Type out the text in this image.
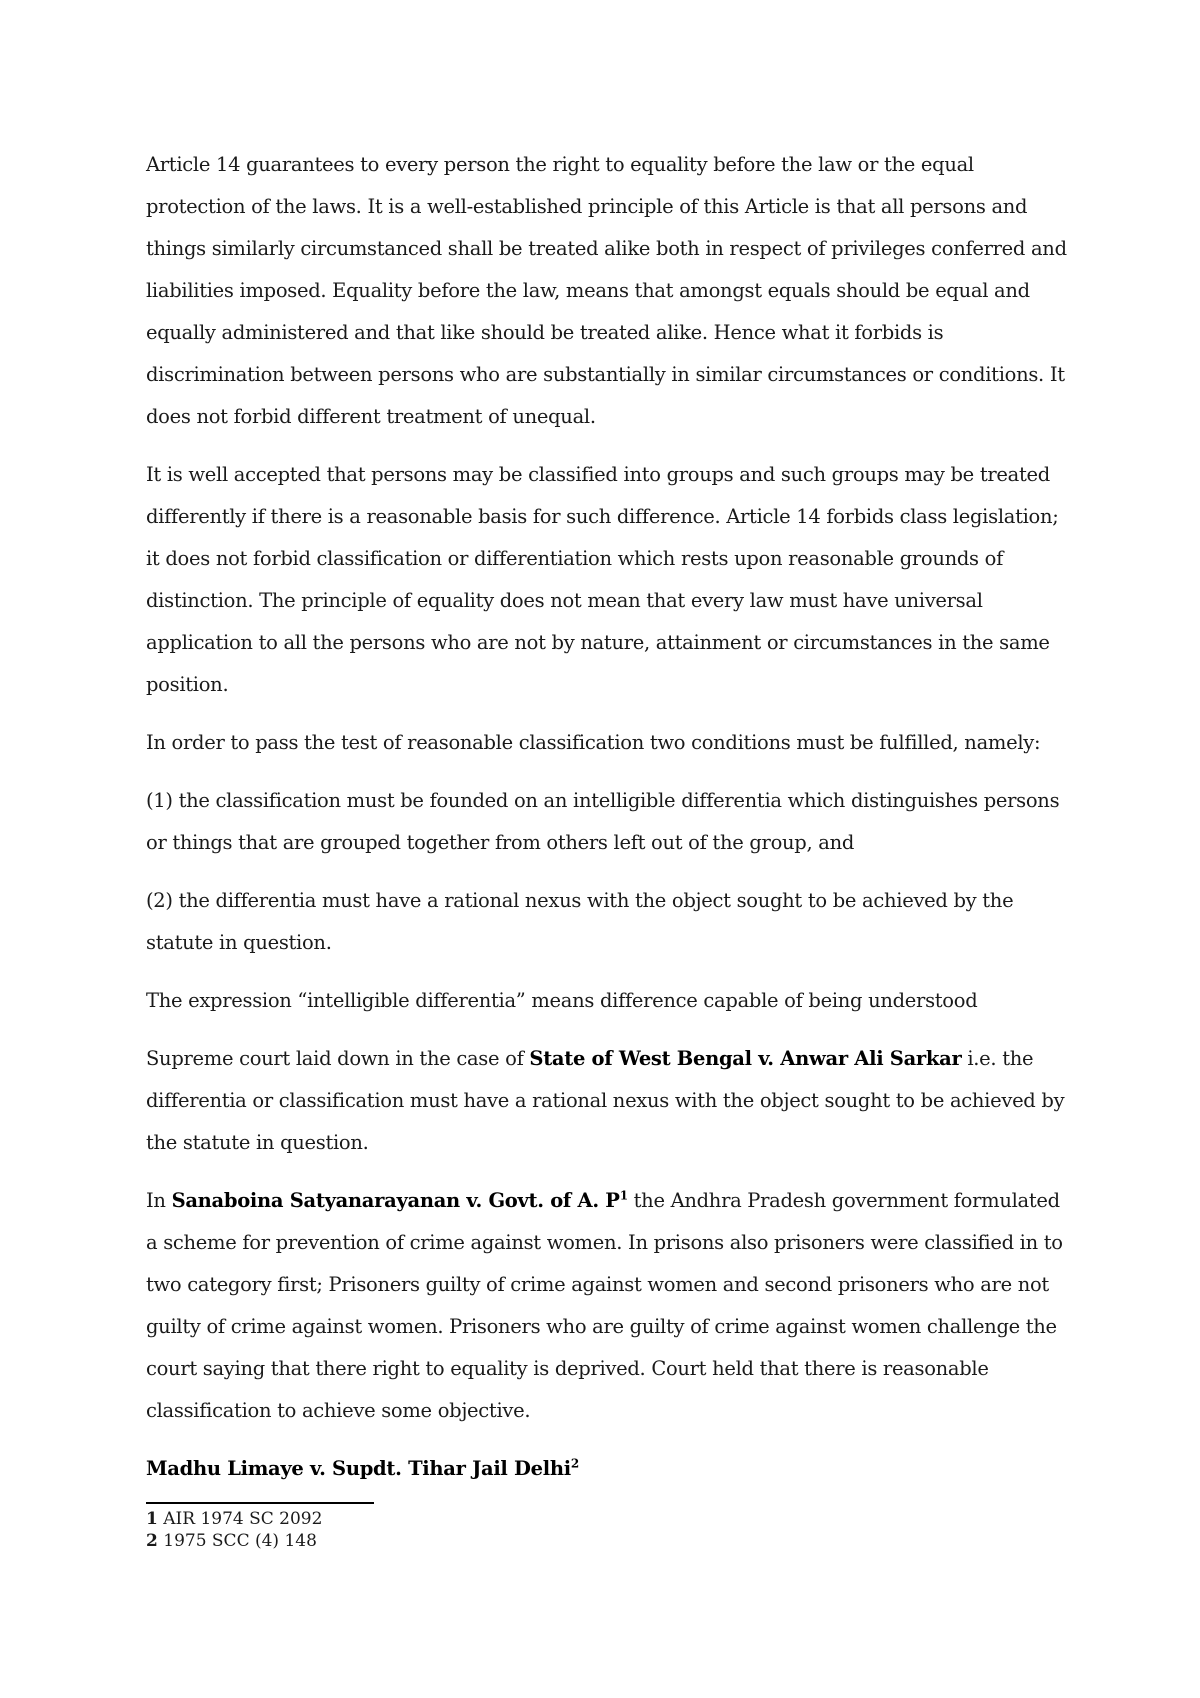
Article 14 guarantees to every person the right to equality before the law or the equal protection of the laws. It is a well-established principle of this Article is that all persons and things similarly circumstanced shall be treated alike both in respect of privileges conferred and liabilities imposed. Equality before the law, means that amongst equals should be equal and equally administered and that like should be treated alike. Hence what it forbids is discrimination between persons who are substantially in similar circumstances or conditions. It does not forbid different treatment of unequal.

It is well accepted that persons may be classified into groups and such groups may be treated differently if there is a reasonable basis for such difference. Article 14 forbids class legislation; it does not forbid classification or differentiation which rests upon reasonable grounds of distinction. The principle of equality does not mean that every law must have universal application to all the persons who are not by nature, attainment or circumstances in the same position.

In order to pass the test of reasonable classification two conditions must be fulfilled, namely:

(1) the classification must be founded on an intelligible differentia which distinguishes persons or things that are grouped together from others left out of the group, and

(2) the differentia must have a rational nexus with the object sought to be achieved by the statute in question.

The expression “intelligible differentia” means difference capable of being understood

Supreme court laid down in the case of State of West Bengal v. Anwar Ali Sarkar i.e. the differentia or classification must have a rational nexus with the object sought to be achieved by the statute in question.

In Sanaboina Satyanarayanan v. Govt. of A. $P^1$ the Andhra Pradesh government formulated a scheme for prevention of crime against women. In prisons also prisoners were classified in to two category first; Prisoners guilty of crime against women and second prisoners who are not guilty of crime against women. Prisoners who are guilty of crime against women challenge the court saying that there right to equality is deprived. Court held that there is reasonable classification to achieve some objective.

Madhu Limaye v. Supdt. Tihar Jail Delhi$^2$

1 AIR 1974 SC 2092
2 1975 SCC (4) 148
